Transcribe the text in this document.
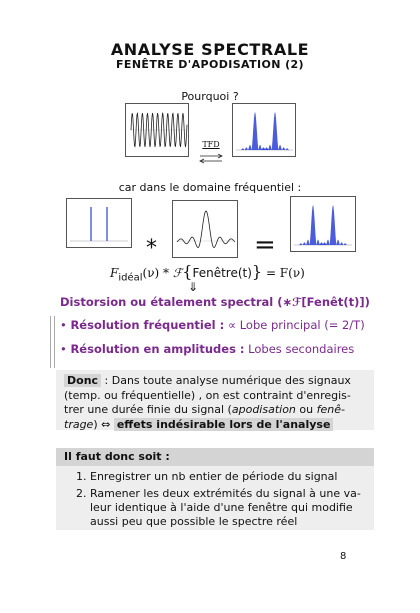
ANALYSE SPECTRALE
FENÊTRE D'APODISATION (2)
Pourquoi ?
TFD
car dans le domaine fréquentiel :
*	=
$F_{idéal}(\nu)$ * ℱ{Fenêtre(t)} = F(ν)
⇓
Distorsion ou étalement spectral (∗ℱ[Fenêt(t)])
• Résolution fréquentiel : ∝ Lobe principal (= 2/T)
• Résolution en amplitudes : Lobes secondaires
Donc : Dans toute analyse numérique des signaux (temp. ou fréquentielle) , on est contraint d'enregistrer une durée finie du signal (apodisation ou fenêtrage) ⇔ effets indésirable lors de l'analyse
Il faut donc soit :
1. Enregistrer un nb entier de période du signal
2. Ramener les deux extrémités du signal à une valeur identique à l'aide d'une fenêtre qui modifie aussi peu que possible le spectre réel
8
